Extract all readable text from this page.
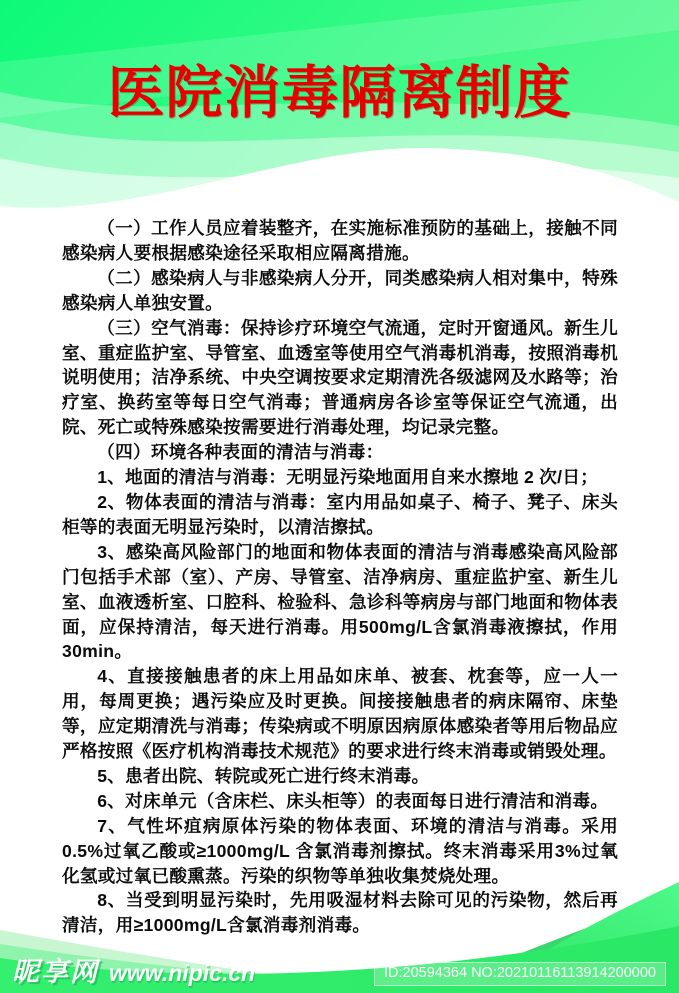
医院消毒隔离制度

（一）工作人员应着装整齐，在实施标准预防的基础上，接触不同感染病人要根据感染途径采取相应隔离措施。

（二）感染病人与非感染病人分开，同类感染病人相对集中，特殊感染病人单独安置。

（三）空气消毒：保持诊疗环境空气流通，定时开窗通风。新生儿室、重症监护室、导管室、血透室等使用空气消毒机消毒，按照消毒机说明使用；洁净系统、中央空调按要求定期清洗各级滤网及水路等；治疗室、换药室等每日空气消毒；普通病房各诊室等保证空气流通，出院、死亡或特殊感染按需要进行消毒处理，均记录完整。

（四）环境各种表面的清洁与消毒：

1、地面的清洁与消毒：无明显污染地面用自来水擦地 2 次/日；

2、物体表面的清洁与消毒：室内用品如桌子、椅子、凳子、床头柜等的表面无明显污染时，以清洁擦拭。

3、感染高风险部门的地面和物体表面的清洁与消毒感染高风险部门包括手术部（室）、产房、导管室、洁净病房、重症监护室、新生儿室、血液透析室、口腔科、检验科、急诊科等病房与部门地面和物体表面，应保持清洁，每天进行消毒。用500mg/L含氯消毒液擦拭，作用30min。

4、直接接触患者的床上用品如床单、被套、枕套等，应一人一用，每周更换；遇污染应及时更换。间接接触患者的病床隔帘、床垫等，应定期清洗与消毒；传染病或不明原因病原体感染者等用后物品应严格按照《医疗机构消毒技术规范》的要求进行终末消毒或销毁处理。

5、患者出院、转院或死亡进行终末消毒。

6、对床单元（含床栏、床头柜等）的表面每日进行清洁和消毒。

7、气性坏疽病原体污染的物体表面、环境的清洁与消毒。采用0.5%过氧乙酸或≥1000mg/L 含氯消毒剂擦拭。终末消毒采用3%过氧化氢或过氧已酸熏蒸。污染的织物等单独收集焚烧处理。

8、当受到明显污染时，先用吸湿材料去除可见的污染物，然后再清洁，用≥1000mg/L含氯消毒剂消毒。

昵享网 www.nipic.cn	ID:20594364 NO:20210116113914200000
